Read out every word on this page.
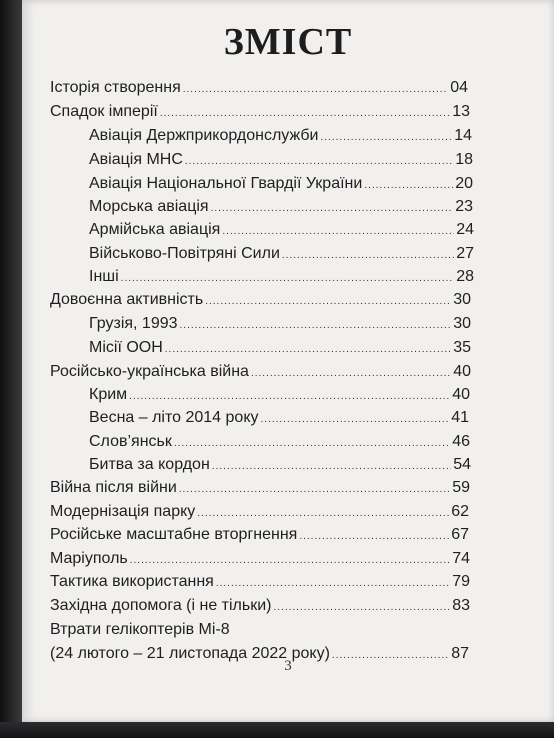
ЗМІСТ
Історія створення .....	04
Спадок імперії .....	13
Авіація Держприкордонслужби .....	14
Авіація МНС .....	18
Авіація Національної Гвардії України .....	20
Морська авіація .....	23
Армійська авіація .....	24
Військово-Повітряні Сили .....	27
Інші .....	28
Довоєнна активність .....	30
Грузія, 1993 .....	30
Місії ООН .....	35
Російсько-українська війна .....	40
Крим .....	40
Весна – літо 2014 року .....	41
Слов’янськ .....	46
Битва за кордон .....	54
Війна після війни .....	59
Модернізація парку .....	62
Російське масштабне вторгнення .....	67
Маріуполь .....	74
Тактика використання .....	79
Західна допомога (і не тільки) .....	83
Втрати гелікоптерів Мі-8
(24 лютого – 21 листопада 2022 року) .....	87
3
